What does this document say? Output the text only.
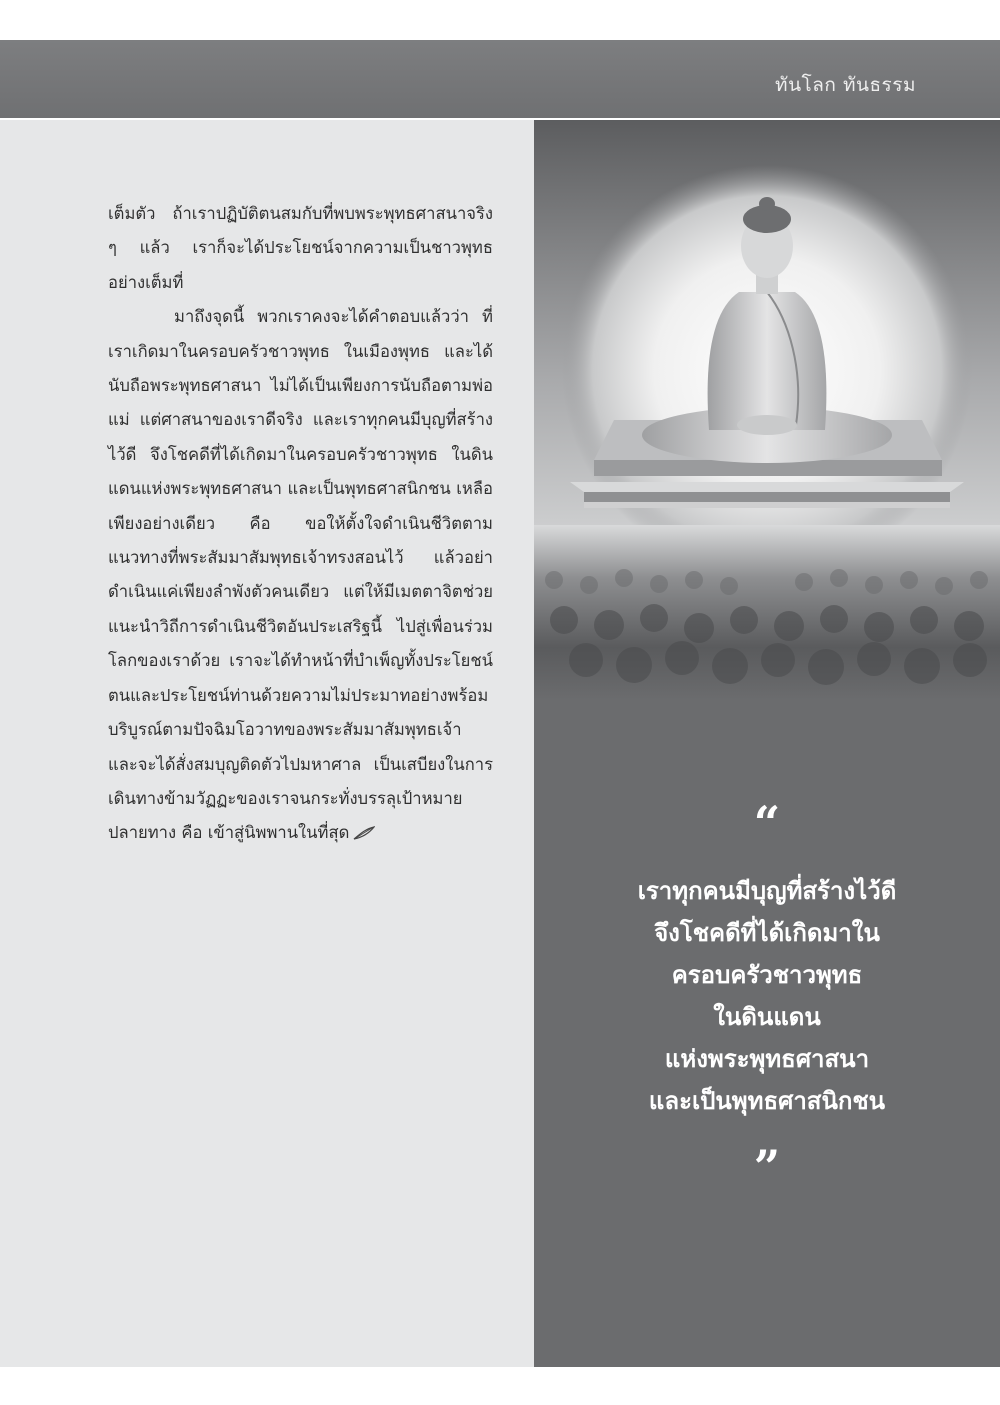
ทันโลก ทันธรรม

เต็มตัว ถ้าเราปฏิบัติตนสมกับที่พบพระพุทธศาสนาจริง ๆ แล้ว เราก็จะได้ประโยชน์จากความเป็นชาวพุทธอย่างเต็มที่

มาถึงจุดนี้ พวกเราคงจะได้คำตอบแล้วว่า ที่เราเกิดมาในครอบครัวชาวพุทธ ในเมืองพุทธ และได้นับถือพระพุทธศาสนา ไม่ได้เป็นเพียงการนับถือตามพ่อแม่ แต่ศาสนาของเราดีจริง และเราทุกคนมีบุญที่สร้างไว้ดี จึงโชคดีที่ได้เกิดมาในครอบครัวชาวพุทธ ในดินแดนแห่งพระพุทธศาสนา และเป็นพุทธศาสนิกชน เหลือเพียงอย่างเดียว คือ ขอให้ตั้งใจดำเนินชีวิตตามแนวทางที่พระสัมมาสัมพุทธเจ้าทรงสอนไว้ แล้วอย่าดำเนินแค่เพียงลำพังตัวคนเดียว แต่ให้มีเมตตาจิตช่วยแนะนำวิถีการดำเนินชีวิตอันประเสริฐนี้ ไปสู่เพื่อนร่วมโลกของเราด้วย เราจะได้ทำหน้าที่บำเพ็ญทั้งประโยชน์ตนและประโยชน์ท่านด้วยความไม่ประมาทอย่างพร้อมบริบูรณ์ตามปัจฉิมโอวาทของพระสัมมาสัมพุทธเจ้า และจะได้สั่งสมบุญติดตัวไปมหาศาล เป็นเสบียงในการเดินทางข้ามวัฏฏะของเราจนกระทั่งบรรลุเป้าหมายปลายทาง คือ เข้าสู่นิพพานในที่สุด	“
เราทุกคนมีบุญที่สร้างไว้ดี
จึงโชคดีที่ได้เกิดมาใน
ครอบครัวชาวพุทธ
ในดินแดน
แห่งพระพุทธศาสนา
และเป็นพุทธศาสนิกชน
”
